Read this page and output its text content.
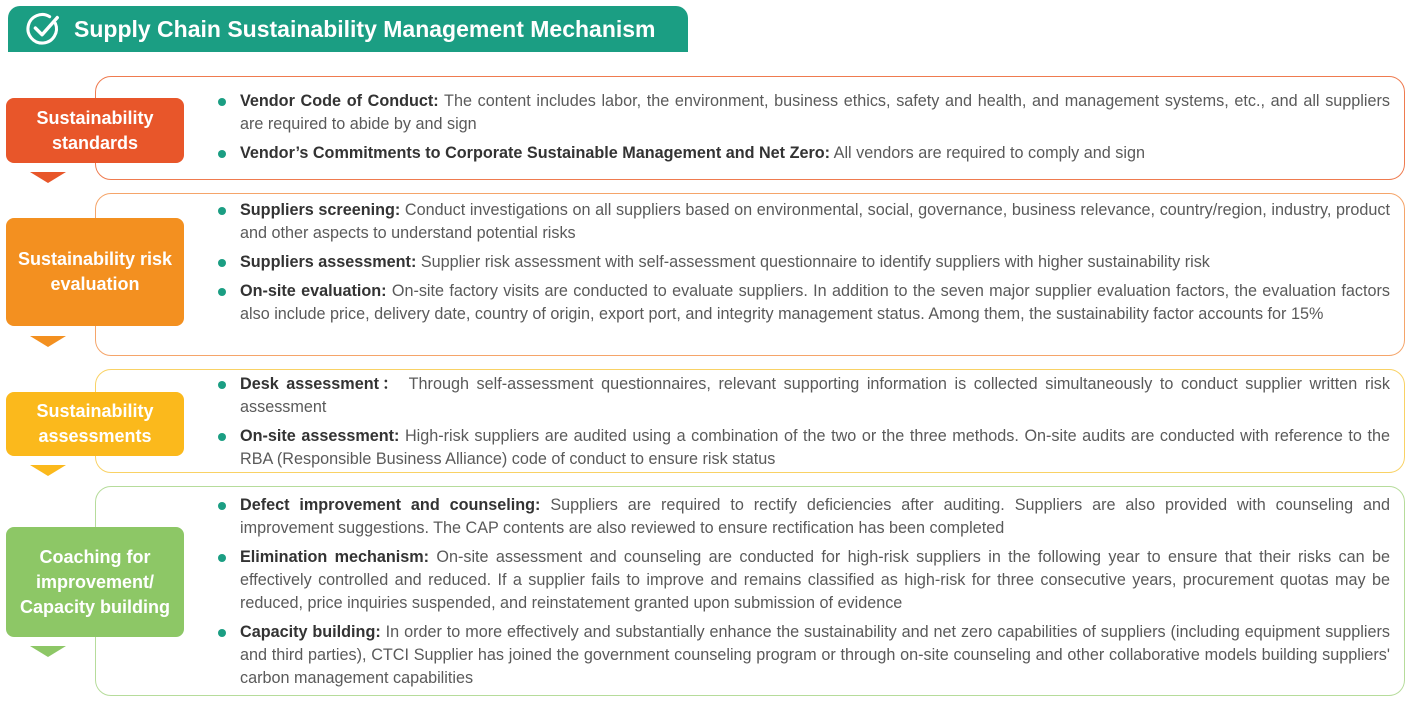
Supply Chain Sustainability Management Mechanism
Sustainability standards
Vendor Code of Conduct: The content includes labor, the environment, business ethics, safety and health, and management systems, etc., and all suppliers are required to abide by and sign
Vendor’s Commitments to Corporate Sustainable Management and Net Zero: All vendors are required to comply and sign
Sustainability risk evaluation
Suppliers screening: Conduct investigations on all suppliers based on environmental, social, governance, business relevance, country/region, industry, product and other aspects to understand potential risks
Suppliers assessment: Supplier risk assessment with self-assessment questionnaire to identify suppliers with higher sustainability risk
On-site evaluation: On-site factory visits are conducted to evaluate suppliers. In addition to the seven major supplier evaluation factors, the evaluation factors also include price, delivery date, country of origin, export port, and integrity management status. Among them, the sustainability factor accounts for 15%
Sustainability assessments
Desk assessment： Through self-assessment questionnaires, relevant supporting information is collected simultaneously to conduct supplier written risk assessment
On-site assessment: High-risk suppliers are audited using a combination of the two or the three methods. On-site audits are conducted with reference to the RBA (Responsible Business Alliance) code of conduct to ensure risk status
Coaching for improvement/ Capacity building
Defect improvement and counseling: Suppliers are required to rectify deficiencies after auditing. Suppliers are also provided with counseling and improvement suggestions. The CAP contents are also reviewed to ensure rectification has been completed
Elimination mechanism: On-site assessment and counseling are conducted for high-risk suppliers in the following year to ensure that their risks can be effectively controlled and reduced. If a supplier fails to improve and remains classified as high-risk for three consecutive years, procurement quotas may be reduced, price inquiries suspended, and reinstatement granted upon submission of evidence
Capacity building: In order to more effectively and substantially enhance the sustainability and net zero capabilities of suppliers (including equipment suppliers and third parties), CTCI Supplier has joined the government counseling program or through on-site counseling and other collaborative models building suppliers' carbon management capabilities
